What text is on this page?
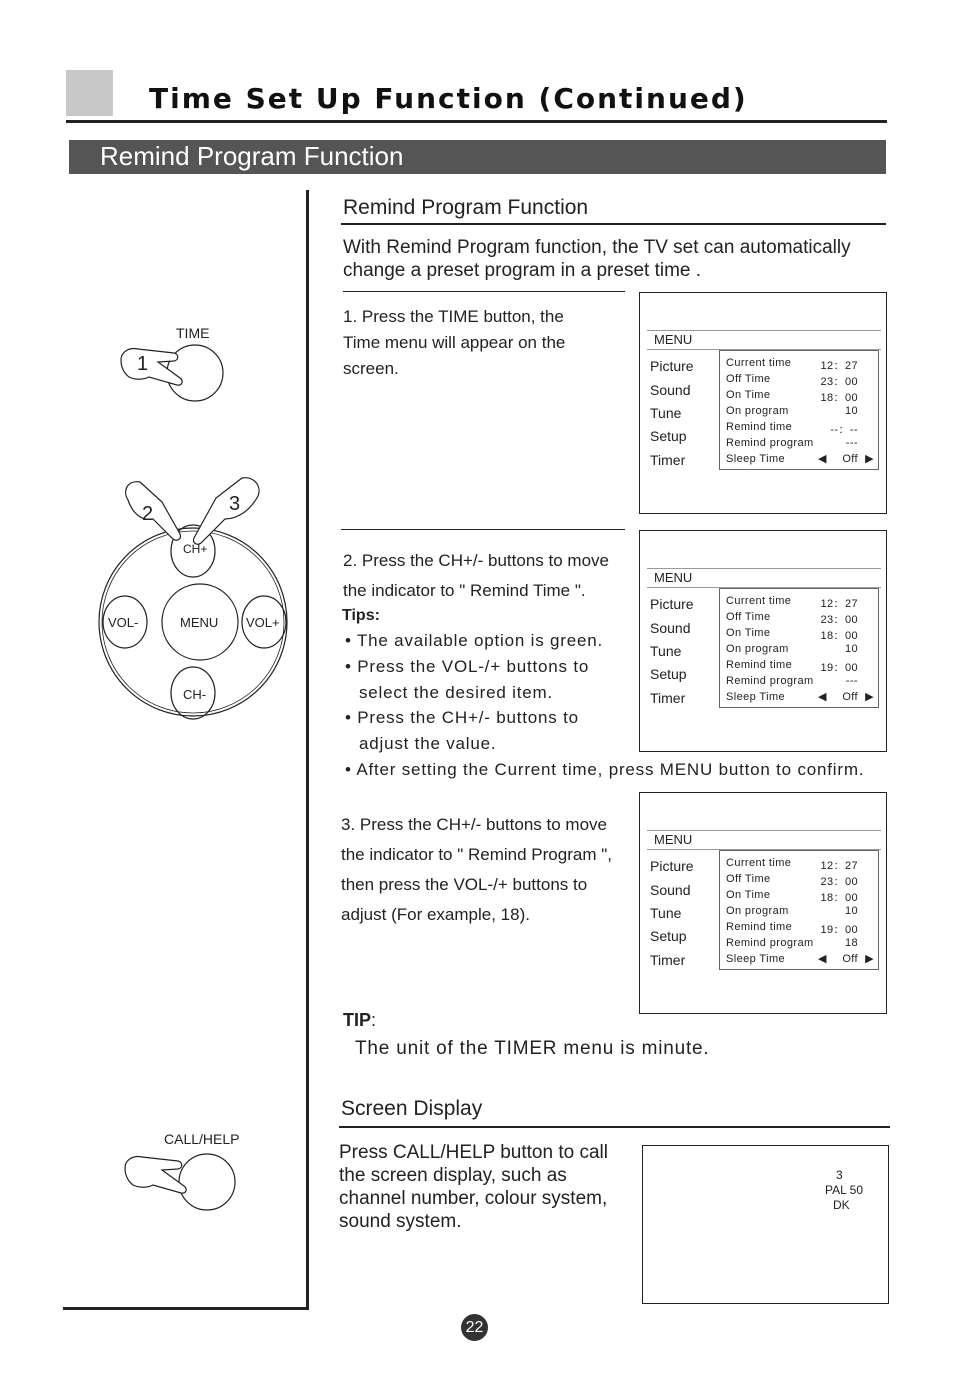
Time Set Up Function (Continued)
Remind Program Function
TIME
1
2	3
CH+
CH-
VOL-	VOL+
MENU
CALL/HELP
Remind Program Function
With Remind Program function, the TV set can automatically
change a preset program in a preset time .
1. Press the TIME button, the
Time menu will appear on the
screen.
MENU
Picture
Sound
Tune
Setup
Timer
Current time	12：27
Off Time	23：00
On Time	18：00
On program	10
Remind time	--：--
Remind program	---
Sleep Time	◀ Off ▶
2. Press the CH+/- buttons to move
the indicator to " Remind Time ".
Tips:
• The available option is green.
• Press the VOL-/+ buttons to
select the desired item.
• Press the CH+/- buttons to
adjust the value.
• After setting the Current time, press MENU button to confirm.
MENU
Picture
Sound
Tune
Setup
Timer
Current time	12：27
Off Time	23：00
On Time	18：00
On program	10
Remind time	19：00
Remind program	---
Sleep Time	◀ Off ▶
3. Press the CH+/- buttons to move
the indicator to " Remind Program ",
then press the VOL-/+ buttons to
adjust (For example, 18).
MENU
Picture
Sound
Tune
Setup
Timer
Current time	12：27
Off Time	23：00
On Time	18：00
On program	10
Remind time	19：00
Remind program	18
Sleep Time	◀ Off ▶
TIP:
The unit of the TIMER menu is minute.
Screen Display
Press CALL/HELP button to call
the screen display, such as
channel number, colour system,
sound system.
3
PAL 50
DK
22
